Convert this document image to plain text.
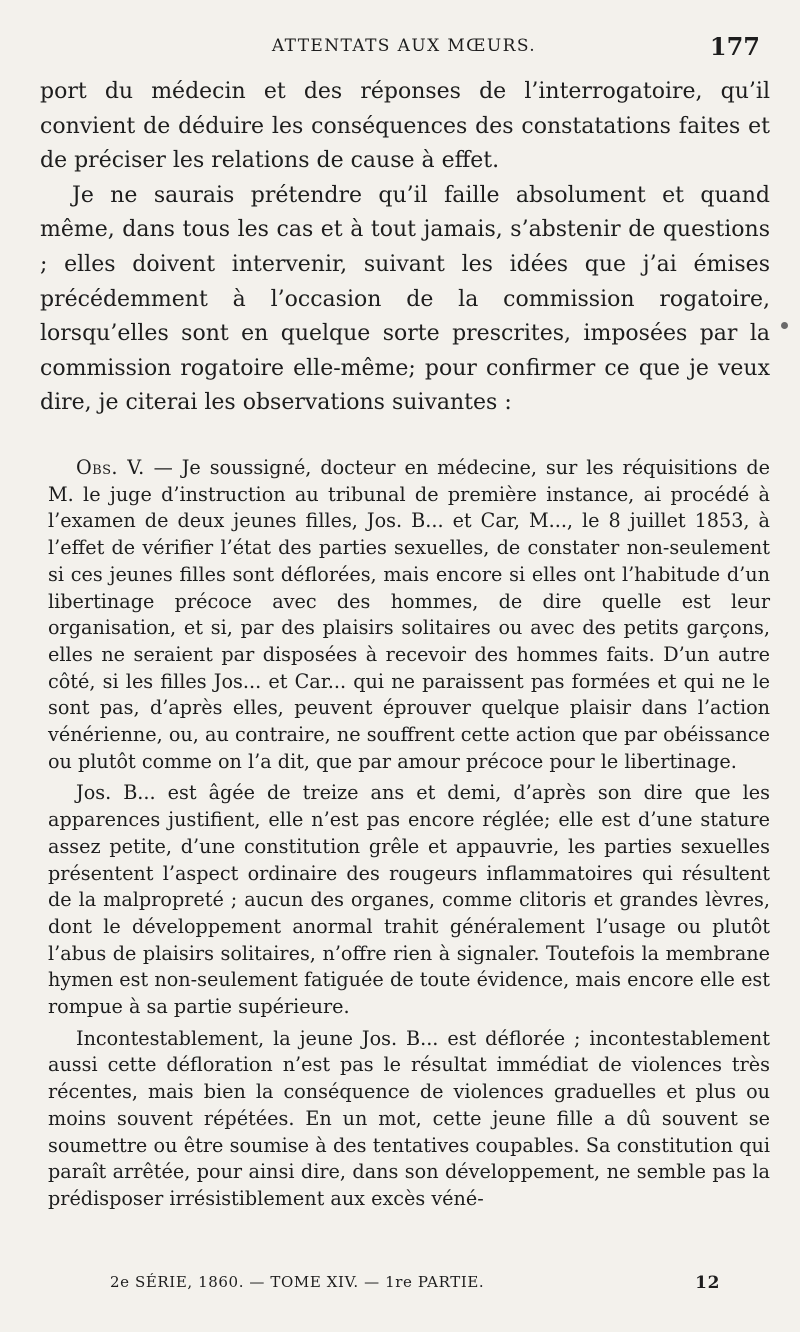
ATTENTATS AUX MŒURS.	177

port du médecin et des réponses de l’interrogatoire, qu’il convient de déduire les conséquences des constatations faites et de préciser les relations de cause à effet.

Je ne saurais prétendre qu’il faille absolument et quand même, dans tous les cas et à tout jamais, s’abstenir de questions ; elles doivent intervenir, suivant les idées que j’ai émises précédemment à l’occasion de la commission rogatoire, lorsqu’elles sont en quelque sorte prescrites, imposées par la commission rogatoire elle-même; pour confirmer ce que je veux dire, je citerai les observations suivantes :

Obs. V. — Je soussigné, docteur en médecine, sur les réquisitions de M. le juge d’instruction au tribunal de première instance, ai procédé à l’examen de deux jeunes filles, Jos. B... et Car, M..., le 8 juillet 1853, à l’effet de vérifier l’état des parties sexuelles, de constater non-seulement si ces jeunes filles sont déflorées, mais encore si elles ont l’habitude d’un libertinage précoce avec des hommes, de dire quelle est leur organisation, et si, par des plaisirs solitaires ou avec des petits garçons, elles ne seraient par disposées à recevoir des hommes faits. D’un autre côté, si les filles Jos... et Car... qui ne paraissent pas formées et qui ne le sont pas, d’après elles, peuvent éprouver quelque plaisir dans l’action vénérienne, ou, au contraire, ne souffrent cette action que par obéissance ou plutôt comme on l’a dit, que par amour précoce pour le libertinage.

Jos. B... est âgée de treize ans et demi, d’après son dire que les apparences justifient, elle n’est pas encore réglée; elle est d’une stature assez petite, d’une constitution grêle et appauvrie, les parties sexuelles présentent l’aspect ordinaire des rougeurs inflammatoires qui résultent de la malpropreté ; aucun des organes, comme clitoris et grandes lèvres, dont le développement anormal trahit généralement l’usage ou plutôt l’abus de plaisirs solitaires, n’offre rien à signaler. Toutefois la membrane hymen est non-seulement fatiguée de toute évidence, mais encore elle est rompue à sa partie supérieure.

Incontestablement, la jeune Jos. B... est déflorée ; incontestablement aussi cette défloration n’est pas le résultat immédiat de violences très récentes, mais bien la conséquence de violences graduelles et plus ou moins souvent répétées. En un mot, cette jeune fille a dû souvent se soumettre ou être soumise à des tentatives coupables. Sa constitution qui paraît arrêtée, pour ainsi dire, dans son développement, ne semble pas la prédisposer irrésistiblement aux excès véné-

2e SÉRIE, 1860. — TOME XIV. — 1re PARTIE.	12
